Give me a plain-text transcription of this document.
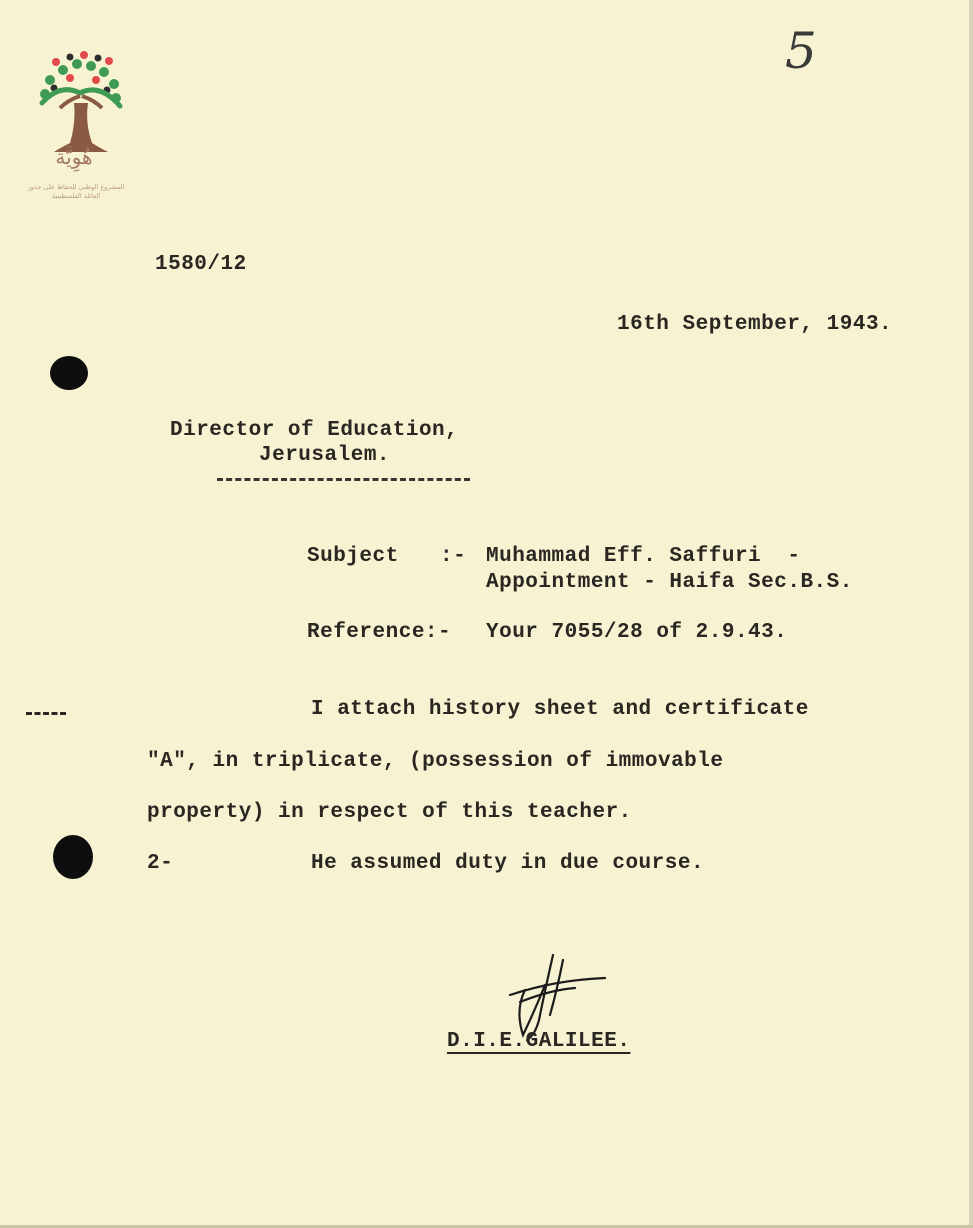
5
هُوِيَّة
المشروع الوطني للحفاظ على جذور العائلة الفلسطينية
1580/12
16th September, 1943.
Director of Education,
Jerusalem.
Subject :- Muhammad Eff. Saffuri  -
Appointment - Haifa Sec.B.S.
Reference:- Your 7055/28 of 2.9.43.
I attach history sheet and certificate
"A", in triplicate, (possession of immovable
property) in respect of this teacher.
2-	He assumed duty in due course.
D.I.E.GALILEE.
